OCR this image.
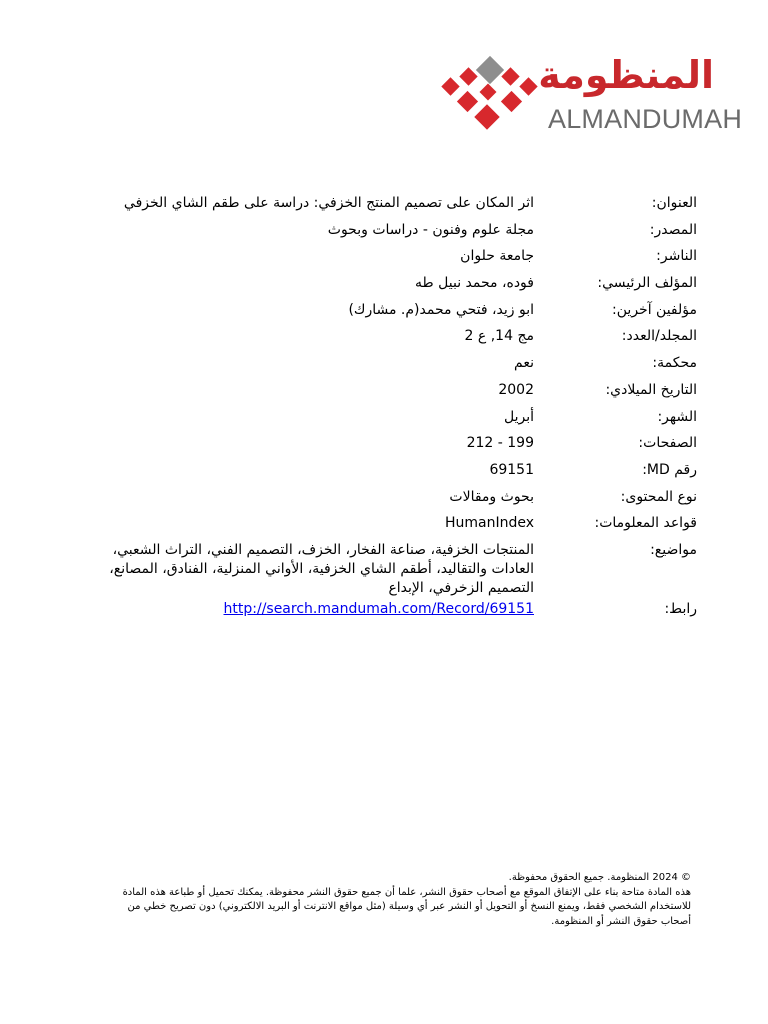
المنظومة
ALMANDUMAH
العنوان:
اثر المكان على تصميم المنتج الخزفي: دراسة على طقم الشاي الخزفي
المصدر:
مجلة علوم وفنون - دراسات وبحوث
الناشر:
جامعة حلوان
المؤلف الرئيسي:
فوده، محمد نبيل طه
مؤلفين آخرين:
ابو زيد، فتحي محمد(م. مشارك)
المجلد/العدد:
مج 14, ع 2
محكمة:
نعم
التاريخ الميلادي:
2002
الشهر:
أبريل
الصفحات:
199 - 212
رقم MD:
69151
نوع المحتوى:
بحوث ومقالات
قواعد المعلومات:
HumanIndex
مواضيع:
المنتجات الخزفية، صناعة الفخار، الخزف، التصميم الفني، التراث الشعبي، العادات والتقاليد، أطقم الشاي الخزفية، الأواني المنزلية، الفنادق، المصانع، التصميم الزخرفي، الإبداع
رابط:
http://search.mandumah.com/Record/69151
© 2024 المنظومة. جميع الحقوق محفوظة.
هذه المادة متاحة بناء على الإتفاق الموقع مع أصحاب حقوق النشر، علما أن جميع حقوق النشر محفوظة. يمكنك تحميل أو طباعة هذه المادة
للاستخدام الشخصي فقط، ويمنع النسخ أو التحويل أو النشر عبر أي وسيلة (مثل مواقع الانترنت أو البريد الالكتروني) دون تصريح خطي من
أصحاب حقوق النشر أو المنظومة.
